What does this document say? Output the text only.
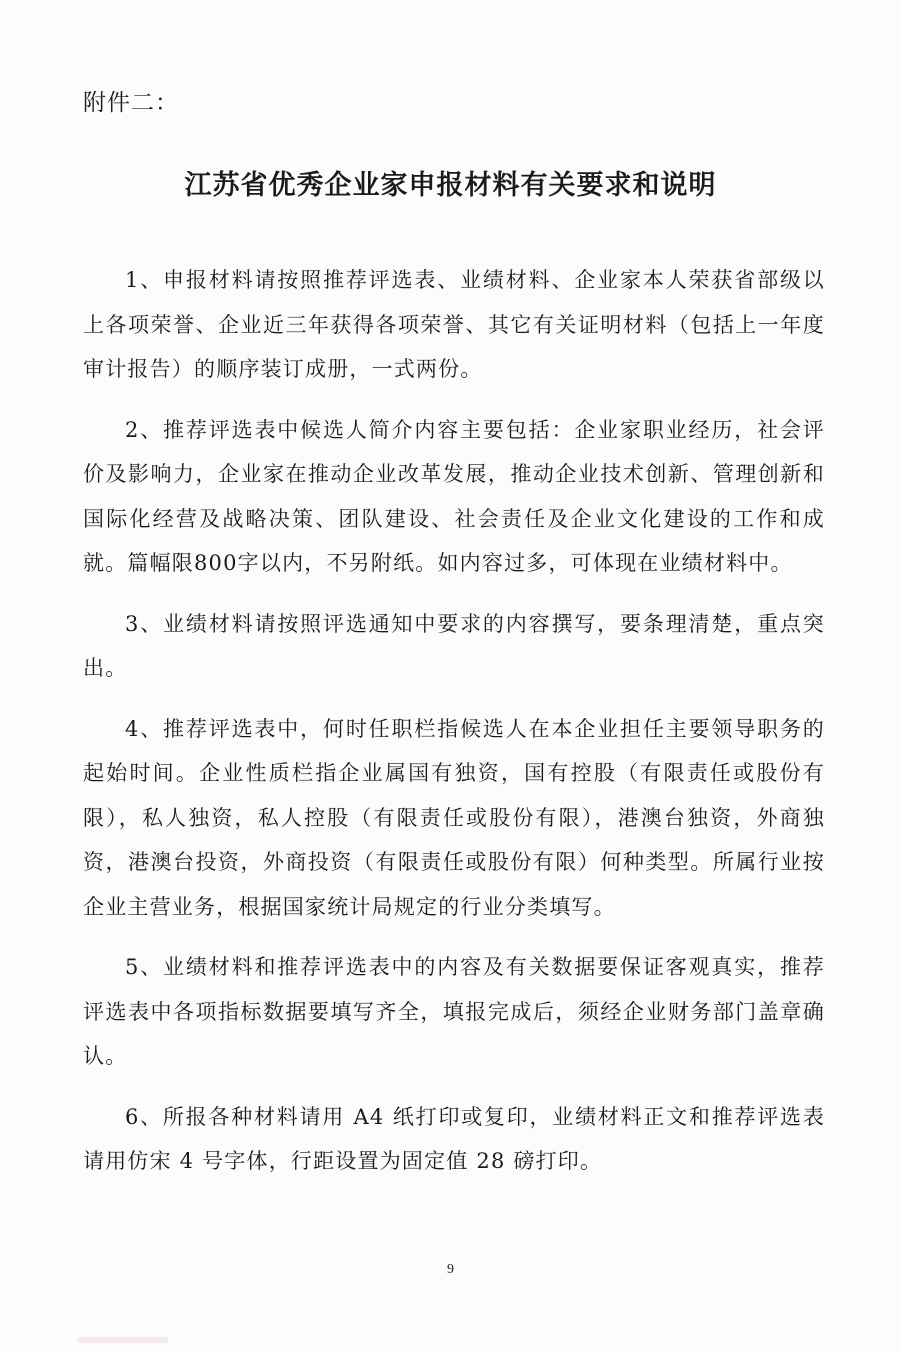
附件二：
江苏省优秀企业家申报材料有关要求和说明

1、申报材料请按照推荐评选表、业绩材料、企业家本人荣获省部级以上各项荣誉、企业近三年获得各项荣誉、其它有关证明材料（包括上一年度审计报告）的顺序装订成册，一式两份。

2、推荐评选表中候选人简介内容主要包括：企业家职业经历，社会评价及影响力，企业家在推动企业改革发展，推动企业技术创新、管理创新和国际化经营及战略决策、团队建设、社会责任及企业文化建设的工作和成就。篇幅限800字以内，不另附纸。如内容过多，可体现在业绩材料中。

3、业绩材料请按照评选通知中要求的内容撰写，要条理清楚，重点突出。

4、推荐评选表中，何时任职栏指候选人在本企业担任主要领导职务的起始时间。企业性质栏指企业属国有独资，国有控股（有限责任或股份有限），私人独资，私人控股（有限责任或股份有限），港澳台独资，外商独资，港澳台投资，外商投资（有限责任或股份有限）何种类型。所属行业按企业主营业务，根据国家统计局规定的行业分类填写。

5、业绩材料和推荐评选表中的内容及有关数据要保证客观真实，推荐评选表中各项指标数据要填写齐全，填报完成后，须经企业财务部门盖章确认。

6、所报各种材料请用 A4 纸打印或复印，业绩材料正文和推荐评选表请用仿宋 4 号字体，行距设置为固定值 28 磅打印。

9
